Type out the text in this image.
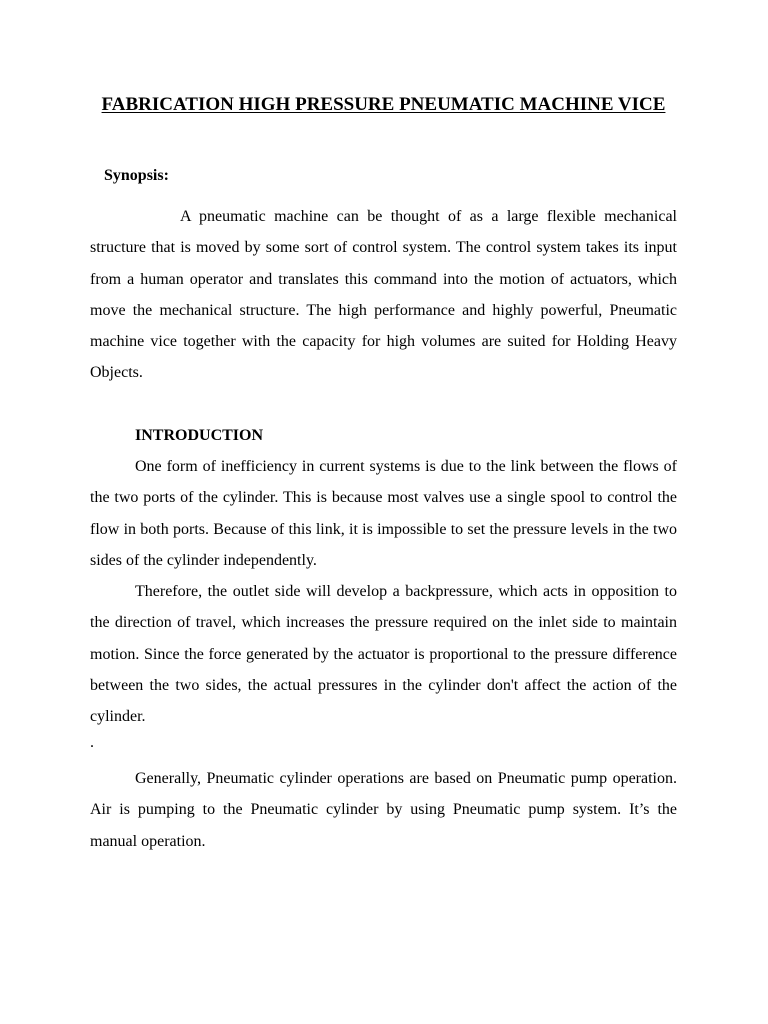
FABRICATION HIGH PRESSURE PNEUMATIC MACHINE VICE
Synopsis:

A pneumatic machine can be thought of as a large flexible mechanical structure that is moved by some sort of control system. The control system takes its input from a human operator and translates this command into the motion of actuators, which move the mechanical structure. The high performance and highly powerful, Pneumatic machine vice together with the capacity for high volumes are suited for Holding Heavy Objects.

INTRODUCTION

One form of inefficiency in current systems is due to the link between the flows of the two ports of the cylinder. This is because most valves use a single spool to control the flow in both ports. Because of this link, it is impossible to set the pressure levels in the two sides of the cylinder independently.

Therefore, the outlet side will develop a backpressure, which acts in opposition to the direction of travel, which increases the pressure required on the inlet side to maintain motion. Since the force generated by the actuator is proportional to the pressure difference between the two sides, the actual pressures in the cylinder don't affect the action of the cylinder.

.

Generally, Pneumatic cylinder operations are based on Pneumatic pump operation. Air is pumping to the Pneumatic cylinder by using Pneumatic pump system. It’s the manual operation.
